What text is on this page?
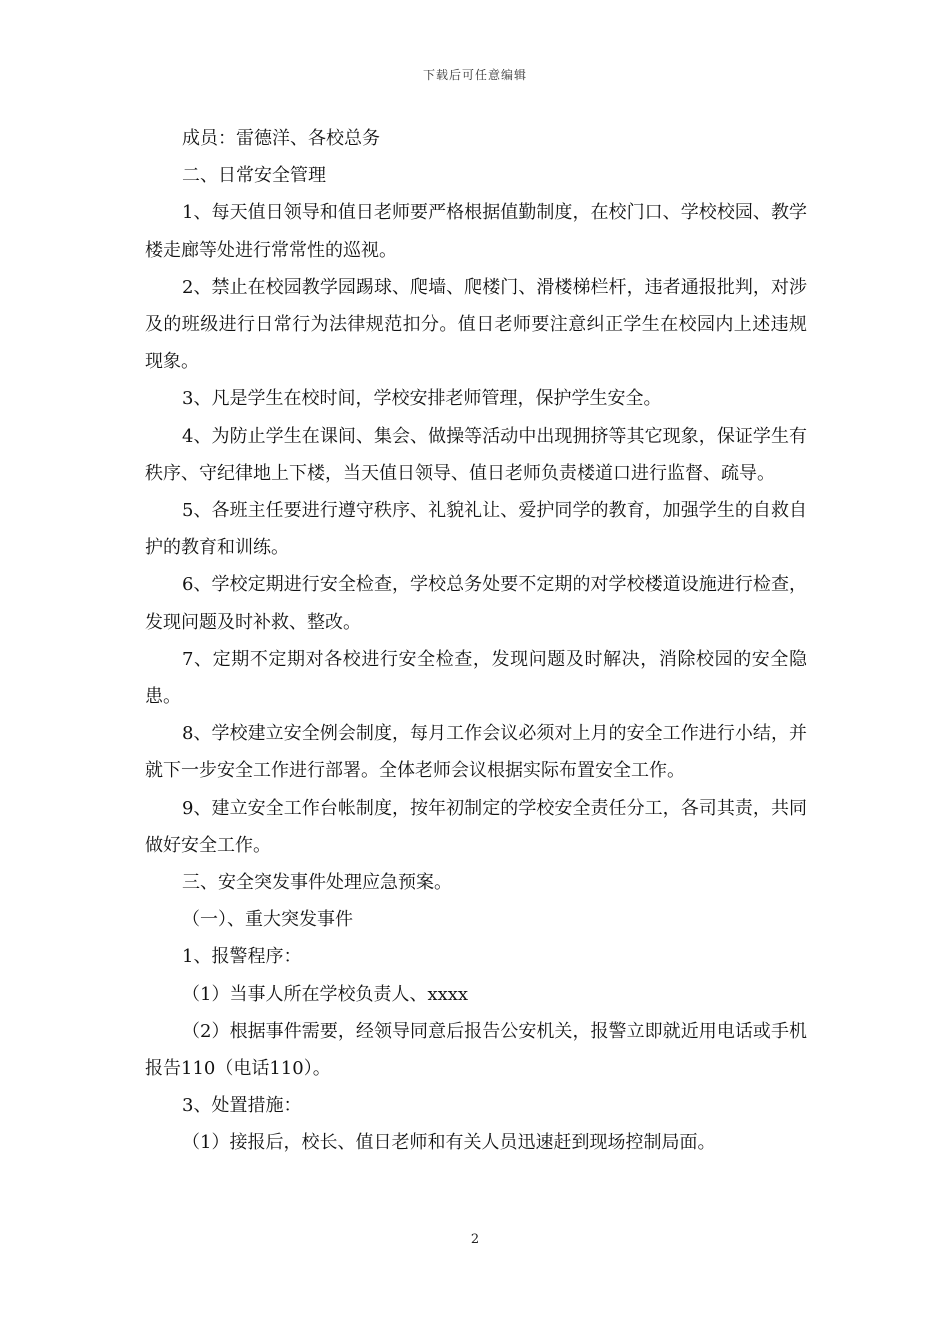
下载后可任意编辑

成员：雷德洋、各校总务

二、日常安全管理

1、每天值日领导和值日老师要严格根据值勤制度，在校门口、学校校园、教学楼走廊等处进行常常性的巡视。

2、禁止在校园教学园踢球、爬墙、爬楼门、滑楼梯栏杆，违者通报批判，对涉及的班级进行日常行为法律规范扣分。值日老师要注意纠正学生在校园内上述违规现象。

3、凡是学生在校时间，学校安排老师管理，保护学生安全。

4、为防止学生在课间、集会、做操等活动中出现拥挤等其它现象，保证学生有秩序、守纪律地上下楼，当天值日领导、值日老师负责楼道口进行监督、疏导。

5、各班主任要进行遵守秩序、礼貌礼让、爱护同学的教育，加强学生的自救自护的教育和训练。

6、学校定期进行安全检查，学校总务处要不定期的对学校楼道设施进行检查，发现问题及时补救、整改。

7、定期不定期对各校进行安全检查，发现问题及时解决，消除校园的安全隐患。

8、学校建立安全例会制度，每月工作会议必须对上月的安全工作进行小结，并就下一步安全工作进行部署。全体老师会议根据实际布置安全工作。

9、建立安全工作台帐制度，按年初制定的学校安全责任分工，各司其责，共同做好安全工作。

三、安全突发事件处理应急预案。

（一）、重大突发事件

1、报警程序：

（1）当事人所在学校负责人、xxxx

（2）根据事件需要，经领导同意后报告公安机关，报警立即就近用电话或手机报告110（电话110）。

3、处置措施：

（1）接报后，校长、值日老师和有关人员迅速赶到现场控制局面。

2
